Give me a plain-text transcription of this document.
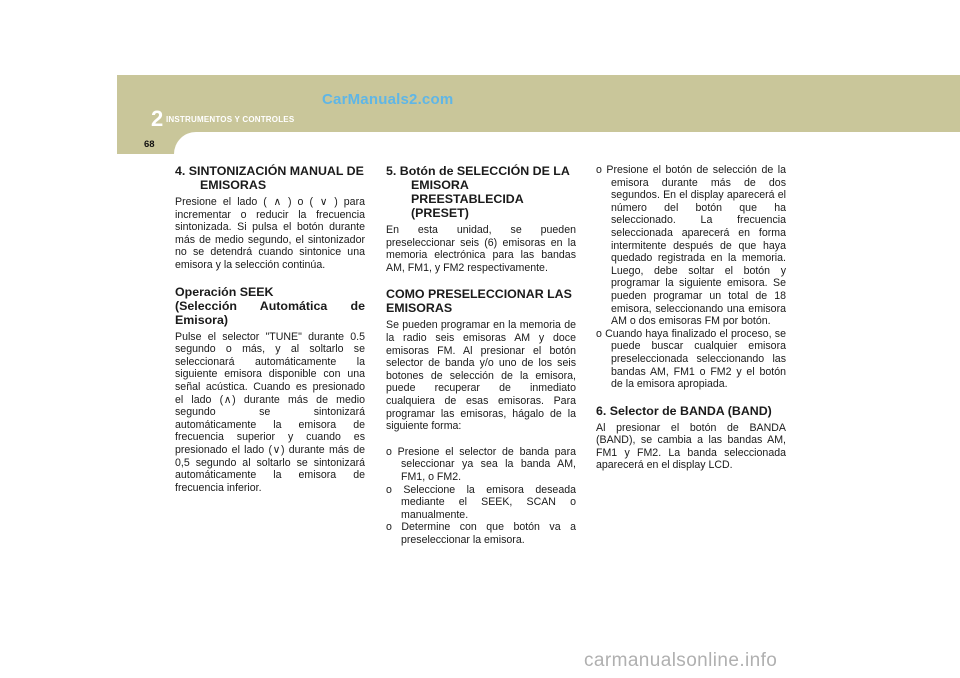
CarManuals2.com
2 INSTRUMENTOS Y CONTROLES
68
4. SINTONIZACIÓN MANUAL DE
EMISORAS

Presione el lado ( ∧ ) o ( ∨ ) para incrementar o reducir la frecuencia sintonizada. Si pulsa el botón durante más de medio segundo, el sintonizador no se detendrá cuando sintonice una emisora y la selección continúa.

Operación SEEK
(Selección Automática de Emisora)

Pulse el selector "TUNE" durante 0.5 segundo o más, y al soltarlo se seleccionará automáticamente la siguiente emisora disponible con una señal acústica. Cuando es presionado el lado (∧) durante más de medio segundo se sintonizará automáticamente la emisora de frecuencia superior y cuando es presionado el lado (∨) durante más de 0,5 segundo al soltarlo se sintonizará automáticamente la emisora de frecuencia inferior.

5. Botón de SELECCIÓN DE LA
EMISORA PREESTABLECIDA
(PRESET)

En esta unidad, se pueden preseleccionar seis (6) emisoras en la memoria electrónica para las bandas AM, FM1, y FM2 respectivamente.

COMO PRESELECCIONAR LAS EMISORAS

Se pueden programar en la memoria de la radio seis emisoras AM y doce emisoras FM. Al presionar el botón selector de banda y/o uno de los seis botones de selección de la emisora, puede recuperar de inmediato cualquiera de esas emisoras. Para programar las emisoras, hágalo de la siguiente forma:

o Presione el selector de banda para seleccionar ya sea la banda AM, FM1, o FM2.

o Seleccione la emisora deseada mediante el SEEK, SCAN o manualmente.

o Determine con que botón va a preseleccionar la emisora.

o Presione el botón de selección de la emisora durante más de dos segundos. En el display aparecerá el número del botón que ha seleccionado. La frecuencia seleccionada aparecerá en forma intermitente después de que haya quedado registrada en la memoria. Luego, debe soltar el botón y programar la siguiente emisora. Se pueden programar un total de 18 emisora, seleccionando una emisora AM o dos emisoras FM por botón.

o Cuando haya finalizado el proceso, se puede buscar cualquier emisora preseleccionada seleccionando las bandas AM, FM1 o FM2 y el botón de la emisora apropiada.

6. Selector de BANDA (BAND)

Al presionar el botón de BANDA (BAND), se cambia a las bandas AM, FM1 y FM2. La banda seleccionada aparecerá en el display LCD.

carmanualsonline.info
